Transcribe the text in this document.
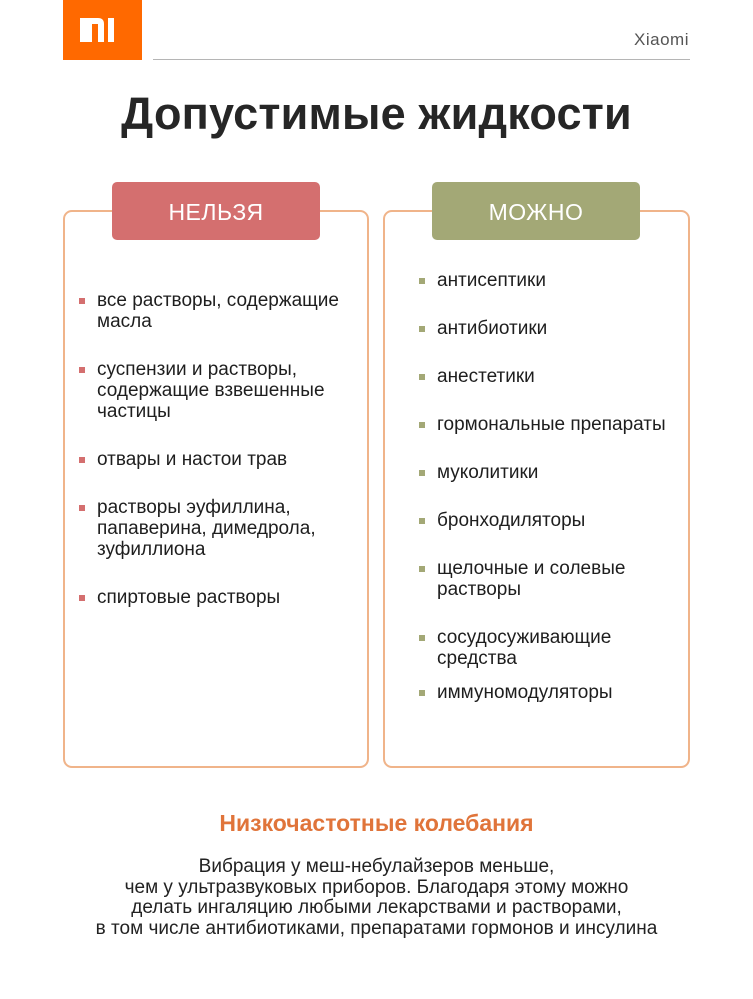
Xiaomi
Допустимые жидкости
НЕЛЬЗЯ
все растворы, содержащие масла
суспензии и растворы, содержащие взвешенные частицы
отвары и настои трав
растворы эуфиллина, папаверина, димедрола, зуфиллиона
спиртовые растворы
МОЖНО
антисептики
антибиотики
анестетики
гормональные препараты
муколитики
бронходиляторы
щелочные и солевые растворы
сосудосуживающие средства
иммуномодуляторы
Низкочастотные колебания

Вибрация у меш-небулайзеров меньше,
чем у ультразвуковых приборов. Благодаря этому можно
делать ингаляцию любыми лекарствами и растворами,
в том числе антибиотиками, препаратами гормонов и инсулина
